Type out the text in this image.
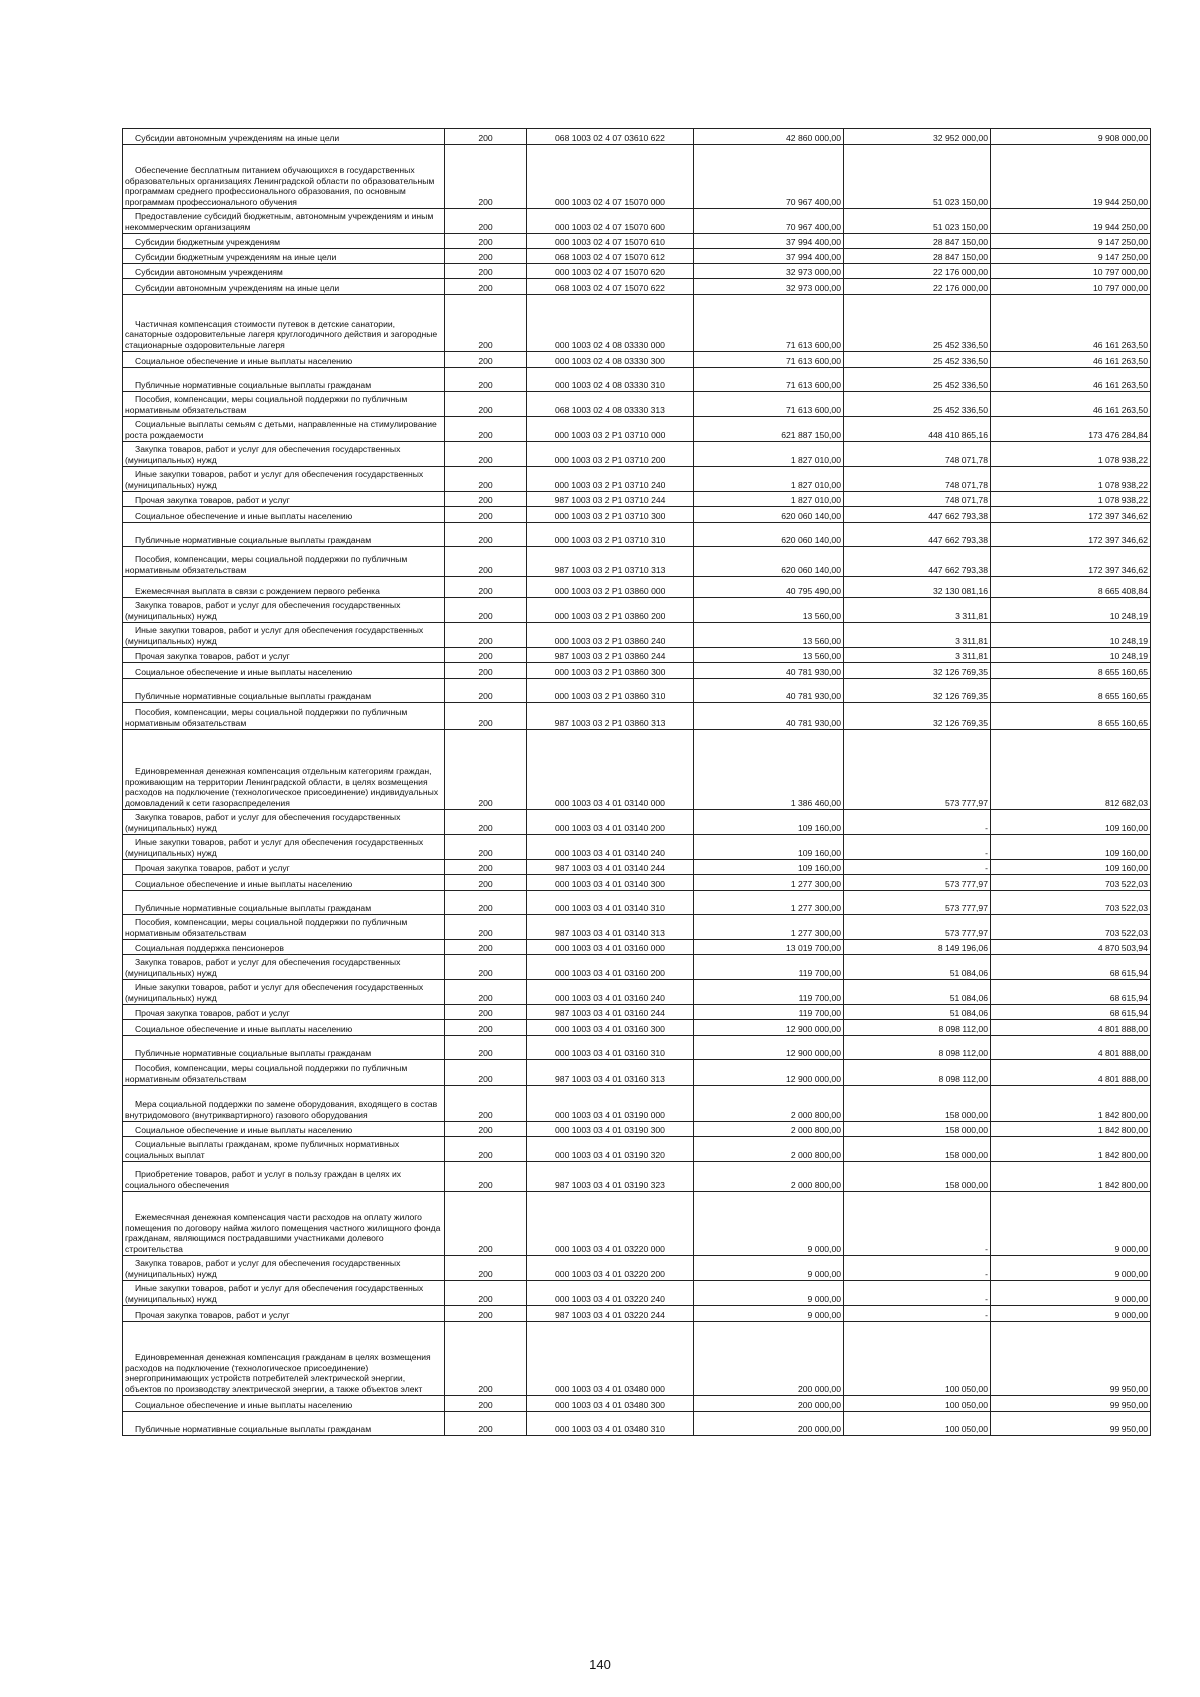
Субсидии автономным учреждениям на иные цели	200	068 1003 02 4 07 03610 622	42 860 000,00	32 952 000,00	9 908 000,00
Обеспечение бесплатным питанием обучающихся в государственных образовательных организациях Ленинградской области по образовательным программам среднего профессионального образования, по основным программам профессионального обучения	200	000 1003 02 4 07 15070 000	70 967 400,00	51 023 150,00	19 944 250,00
Предоставление субсидий бюджетным, автономным учреждениям и иным некоммерческим организациям	200	000 1003 02 4 07 15070 600	70 967 400,00	51 023 150,00	19 944 250,00
Субсидии бюджетным учреждениям	200	000 1003 02 4 07 15070 610	37 994 400,00	28 847 150,00	9 147 250,00
Субсидии бюджетным учреждениям на иные цели	200	068 1003 02 4 07 15070 612	37 994 400,00	28 847 150,00	9 147 250,00
Субсидии автономным учреждениям	200	000 1003 02 4 07 15070 620	32 973 000,00	22 176 000,00	10 797 000,00
Субсидии автономным учреждениям на иные цели	200	068 1003 02 4 07 15070 622	32 973 000,00	22 176 000,00	10 797 000,00
Частичная компенсация стоимости путевок в детские санатории, санаторные оздоровительные лагеря круглогодичного действия и загородные стационарные оздоровительные лагеря	200	000 1003 02 4 08 03330 000	71 613 600,00	25 452 336,50	46 161 263,50
Социальное обеспечение и иные выплаты населению	200	000 1003 02 4 08 03330 300	71 613 600,00	25 452 336,50	46 161 263,50
Публичные нормативные социальные выплаты гражданам	200	000 1003 02 4 08 03330 310	71 613 600,00	25 452 336,50	46 161 263,50
Пособия, компенсации, меры социальной поддержки по публичным нормативным обязательствам	200	068 1003 02 4 08 03330 313	71 613 600,00	25 452 336,50	46 161 263,50
Социальные выплаты семьям с детьми, направленные на стимулирование роста рождаемости	200	000 1003 03 2 Р1 03710 000	621 887 150,00	448 410 865,16	173 476 284,84
Закупка товаров, работ и услуг для обеспечения государственных (муниципальных) нужд	200	000 1003 03 2 Р1 03710 200	1 827 010,00	748 071,78	1 078 938,22
Иные закупки товаров, работ и услуг для обеспечения государственных (муниципальных) нужд	200	000 1003 03 2 Р1 03710 240	1 827 010,00	748 071,78	1 078 938,22
Прочая закупка товаров, работ и услуг	200	987 1003 03 2 Р1 03710 244	1 827 010,00	748 071,78	1 078 938,22
Социальное обеспечение и иные выплаты населению	200	000 1003 03 2 Р1 03710 300	620 060 140,00	447 662 793,38	172 397 346,62
Публичные нормативные социальные выплаты гражданам	200	000 1003 03 2 Р1 03710 310	620 060 140,00	447 662 793,38	172 397 346,62
Пособия, компенсации, меры социальной поддержки по публичным нормативным обязательствам	200	987 1003 03 2 Р1 03710 313	620 060 140,00	447 662 793,38	172 397 346,62
Ежемесячная выплата в связи с рождением первого ребенка	200	000 1003 03 2 Р1 03860 000	40 795 490,00	32 130 081,16	8 665 408,84
Закупка товаров, работ и услуг для обеспечения государственных (муниципальных) нужд	200	000 1003 03 2 Р1 03860 200	13 560,00	3 311,81	10 248,19
Иные закупки товаров, работ и услуг для обеспечения государственных (муниципальных) нужд	200	000 1003 03 2 Р1 03860 240	13 560,00	3 311,81	10 248,19
Прочая закупка товаров, работ и услуг	200	987 1003 03 2 Р1 03860 244	13 560,00	3 311,81	10 248,19
Социальное обеспечение и иные выплаты населению	200	000 1003 03 2 Р1 03860 300	40 781 930,00	32 126 769,35	8 655 160,65
Публичные нормативные социальные выплаты гражданам	200	000 1003 03 2 Р1 03860 310	40 781 930,00	32 126 769,35	8 655 160,65
Пособия, компенсации, меры социальной поддержки по публичным нормативным обязательствам	200	987 1003 03 2 Р1 03860 313	40 781 930,00	32 126 769,35	8 655 160,65
Единовременная денежная компенсация отдельным категориям граждан, проживающим на территории Ленинградской области, в целях возмещения расходов на подключение (технологическое присоединение) индивидуальных домовладений к сети газораспределения	200	000 1003 03 4 01 03140 000	1 386 460,00	573 777,97	812 682,03
Закупка товаров, работ и услуг для обеспечения государственных (муниципальных) нужд	200	000 1003 03 4 01 03140 200	109 160,00	-	109 160,00
Иные закупки товаров, работ и услуг для обеспечения государственных (муниципальных) нужд	200	000 1003 03 4 01 03140 240	109 160,00	-	109 160,00
Прочая закупка товаров, работ и услуг	200	987 1003 03 4 01 03140 244	109 160,00	-	109 160,00
Социальное обеспечение и иные выплаты населению	200	000 1003 03 4 01 03140 300	1 277 300,00	573 777,97	703 522,03
Публичные нормативные социальные выплаты гражданам	200	000 1003 03 4 01 03140 310	1 277 300,00	573 777,97	703 522,03
Пособия, компенсации, меры социальной поддержки по публичным нормативным обязательствам	200	987 1003 03 4 01 03140 313	1 277 300,00	573 777,97	703 522,03
Социальная поддержка пенсионеров	200	000 1003 03 4 01 03160 000	13 019 700,00	8 149 196,06	4 870 503,94
Закупка товаров, работ и услуг для обеспечения государственных (муниципальных) нужд	200	000 1003 03 4 01 03160 200	119 700,00	51 084,06	68 615,94
Иные закупки товаров, работ и услуг для обеспечения государственных (муниципальных) нужд	200	000 1003 03 4 01 03160 240	119 700,00	51 084,06	68 615,94
Прочая закупка товаров, работ и услуг	200	987 1003 03 4 01 03160 244	119 700,00	51 084,06	68 615,94
Социальное обеспечение и иные выплаты населению	200	000 1003 03 4 01 03160 300	12 900 000,00	8 098 112,00	4 801 888,00
Публичные нормативные социальные выплаты гражданам	200	000 1003 03 4 01 03160 310	12 900 000,00	8 098 112,00	4 801 888,00
Пособия, компенсации, меры социальной поддержки по публичным нормативным обязательствам	200	987 1003 03 4 01 03160 313	12 900 000,00	8 098 112,00	4 801 888,00
Мера социальной поддержки по замене оборудования, входящего в состав внутридомового (внутриквартирного) газового оборудования	200	000 1003 03 4 01 03190 000	2 000 800,00	158 000,00	1 842 800,00
Социальное обеспечение и иные выплаты населению	200	000 1003 03 4 01 03190 300	2 000 800,00	158 000,00	1 842 800,00
Социальные выплаты гражданам, кроме публичных нормативных социальных выплат	200	000 1003 03 4 01 03190 320	2 000 800,00	158 000,00	1 842 800,00
Приобретение товаров, работ и услуг в пользу граждан в целях их социального обеспечения	200	987 1003 03 4 01 03190 323	2 000 800,00	158 000,00	1 842 800,00
Ежемесячная денежная компенсация части расходов на оплату жилого помещения по договору найма жилого помещения частного жилищного фонда гражданам, являющимся пострадавшими участниками долевого строительства	200	000 1003 03 4 01 03220 000	9 000,00	-	9 000,00
Закупка товаров, работ и услуг для обеспечения государственных (муниципальных) нужд	200	000 1003 03 4 01 03220 200	9 000,00	-	9 000,00
Иные закупки товаров, работ и услуг для обеспечения государственных (муниципальных) нужд	200	000 1003 03 4 01 03220 240	9 000,00	-	9 000,00
Прочая закупка товаров, работ и услуг	200	987 1003 03 4 01 03220 244	9 000,00	-	9 000,00
Единовременная денежная компенсация гражданам в целях возмещения расходов на подключение (технологическое присоединение) энергопринимающих устройств потребителей электрической энергии, объектов по производству электрической энергии, а также объектов элект	200	000 1003 03 4 01 03480 000	200 000,00	100 050,00	99 950,00
Социальное обеспечение и иные выплаты населению	200	000 1003 03 4 01 03480 300	200 000,00	100 050,00	99 950,00
Публичные нормативные социальные выплаты гражданам	200	000 1003 03 4 01 03480 310	200 000,00	100 050,00	99 950,00
140
